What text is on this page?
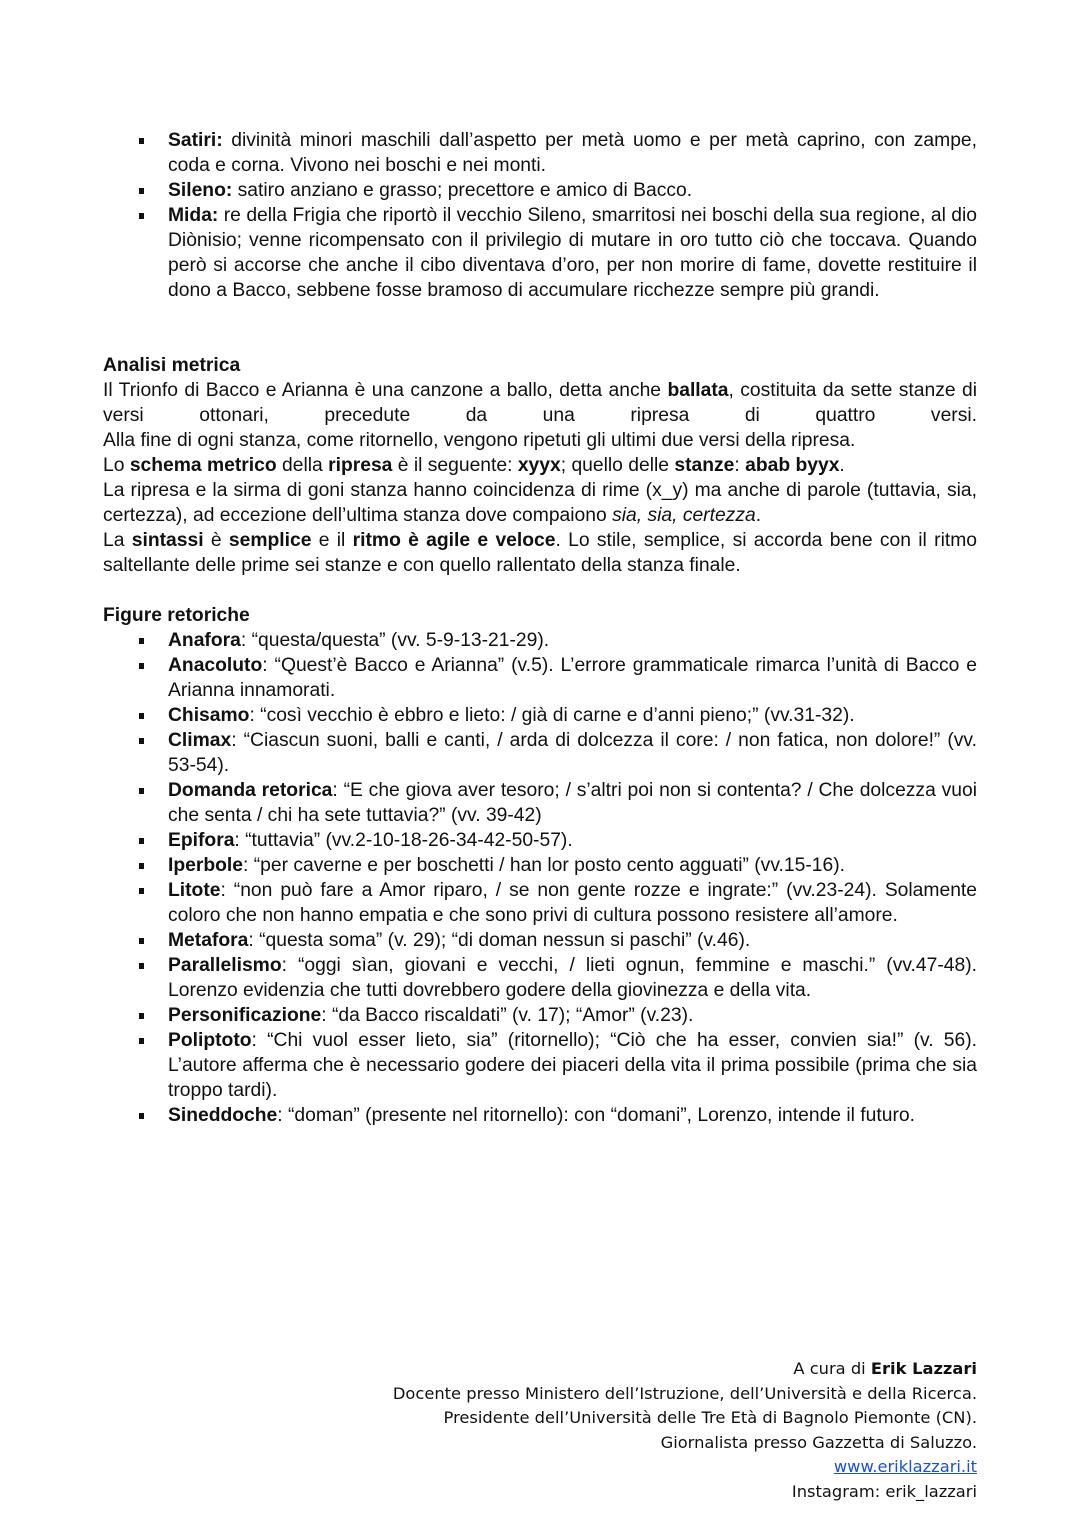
Satiri: divinità minori maschili dall’aspetto per metà uomo e per metà caprino, con zampe, coda e corna. Vivono nei boschi e nei monti.
Sileno: satiro anziano e grasso; precettore e amico di Bacco.
Mida: re della Frigia che riportò il vecchio Sileno, smarritosi nei boschi della sua regione, al dio Diònisio; venne ricompensato con il privilegio di mutare in oro tutto ciò che toccava. Quando però si accorse che anche il cibo diventava d’oro, per non morire di fame, dovette restituire il dono a Bacco, sebbene fosse bramoso di accumulare ricchezze sempre più grandi.

Analisi metrica

Il Trionfo di Bacco e Arianna è una canzone a ballo, detta anche ballata, costituita da sette stanze di versi ottonari, precedute da una ripresa di quattro versi.

Alla fine di ogni stanza, come ritornello, vengono ripetuti gli ultimi due versi della ripresa.

Lo schema metrico della ripresa è il seguente: xyyx; quello delle stanze: abab byyx.

La ripresa e la sirma di goni stanza hanno coincidenza di rime (x_y) ma anche di parole (tuttavia, sia, certezza), ad eccezione dell’ultima stanza dove compaiono sia, sia, certezza.

La sintassi è semplice e il ritmo è agile e veloce. Lo stile, semplice, si accorda bene con il ritmo saltellante delle prime sei stanze e con quello rallentato della stanza finale.

Figure retoriche

Anafora: “questa/questa” (vv. 5-9-13-21-29).
Anacoluto: “Quest’è Bacco e Arianna” (v.5). L’errore grammaticale rimarca l’unità di Bacco e Arianna innamorati.
Chisamo: “così vecchio è ebbro e lieto: / già di carne e d’anni pieno;” (vv.31-32).
Climax: “Ciascun suoni, balli e canti, / arda di dolcezza il core: / non fatica, non dolore!” (vv. 53-54).
Domanda retorica: “E che giova aver tesoro; / s’altri poi non si contenta? / Che dolcezza vuoi che senta / chi ha sete tuttavia?” (vv. 39-42)
Epifora: “tuttavia” (vv.2-10-18-26-34-42-50-57).
Iperbole: “per caverne e per boschetti / han lor posto cento agguati” (vv.15-16).
Litote: “non può fare a Amor riparo, / se non gente rozze e ingrate:” (vv.23-24). Solamente coloro che non hanno empatia e che sono privi di cultura possono resistere all’amore.
Metafora: “questa soma” (v. 29); “di doman nessun si paschi” (v.46).
Parallelismo: “oggi sìan, giovani e vecchi, / lieti ognun, femmine e maschi.” (vv.47-48). Lorenzo evidenzia che tutti dovrebbero godere della giovinezza e della vita.
Personificazione: “da Bacco riscaldati” (v. 17); “Amor” (v.23).
Poliptoto: “Chi vuol esser lieto, sia” (ritornello); “Ciò che ha esser, convien sia!” (v. 56). L’autore afferma che è necessario godere dei piaceri della vita il prima possibile (prima che sia troppo tardi).
Sineddoche: “doman” (presente nel ritornello): con “domani”, Lorenzo, intende il futuro.
A cura di Erik Lazzari
Docente presso Ministero dell’Istruzione, dell’Università e della Ricerca.
Presidente dell’Università delle Tre Età di Bagnolo Piemonte (CN).
Giornalista presso Gazzetta di Saluzzo.
www.eriklazzari.it
Instagram: erik_lazzari
